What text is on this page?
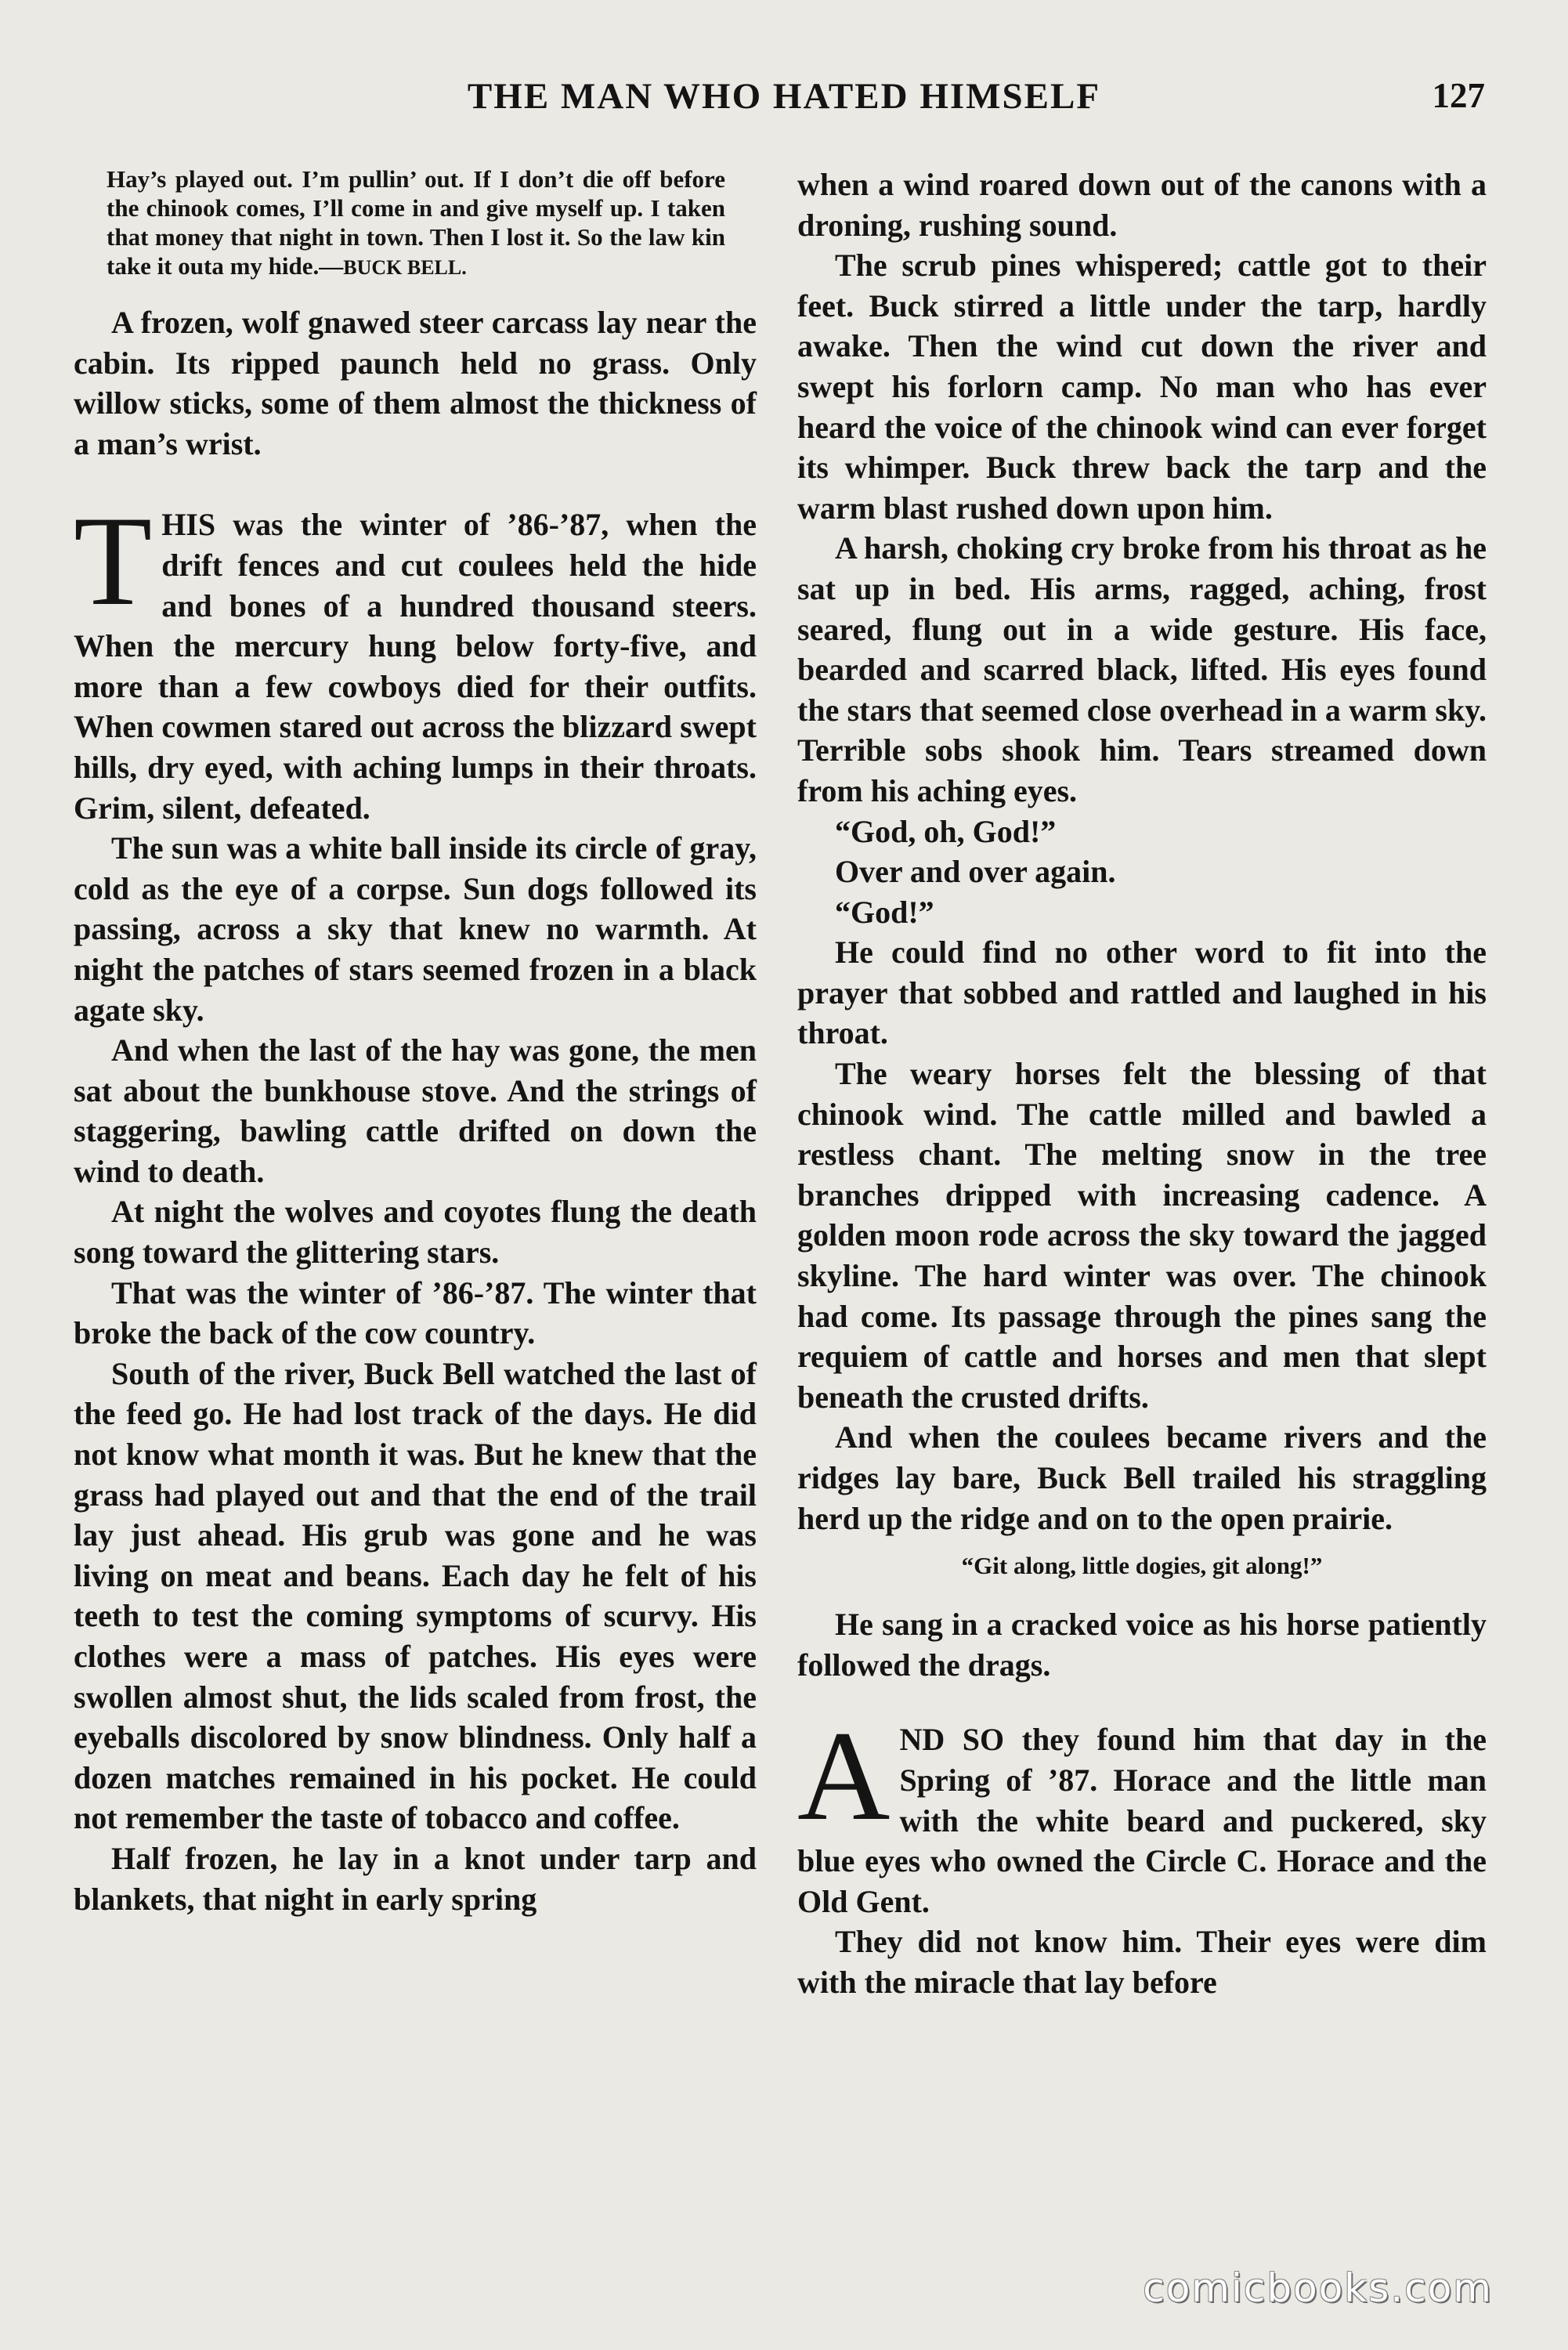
THE MAN WHO HATED HIMSELF	127
Hay’s played out. I’m pullin’ out. If I don’t die off before the chinook comes, I’ll come in and give myself up. I taken that money that night in town. Then I lost it. So the law kin take it outa my hide.—BUCK BELL.

A frozen, wolf gnawed steer carcass lay near the cabin. Its ripped paunch held no grass. Only willow sticks, some of them almost the thickness of a man’s wrist.

THIS was the winter of ’86-’87, when the drift fences and cut coulees held the hide and bones of a hundred thousand steers. When the mercury hung below forty-five, and more than a few cowboys died for their outfits. When cowmen stared out across the blizzard swept hills, dry eyed, with aching lumps in their throats. Grim, silent, defeated.

The sun was a white ball inside its circle of gray, cold as the eye of a corpse. Sun dogs followed its passing, across a sky that knew no warmth. At night the patches of stars seemed frozen in a black agate sky.

And when the last of the hay was gone, the men sat about the bunkhouse stove. And the strings of staggering, bawling cattle drifted on down the wind to death.

At night the wolves and coyotes flung the death song toward the glittering stars.

That was the winter of ’86-’87. The winter that broke the back of the cow country.

South of the river, Buck Bell watched the last of the feed go. He had lost track of the days. He did not know what month it was. But he knew that the grass had played out and that the end of the trail lay just ahead. His grub was gone and he was living on meat and beans. Each day he felt of his teeth to test the coming symptoms of scurvy. His clothes were a mass of patches. His eyes were swollen almost shut, the lids scaled from frost, the eyeballs discolored by snow blindness. Only half a dozen matches remained in his pocket. He could not remember the taste of tobacco and coffee.

Half frozen, he lay in a knot under tarp and blankets, that night in early spring

when a wind roared down out of the canons with a droning, rushing sound.

The scrub pines whispered; cattle got to their feet. Buck stirred a little under the tarp, hardly awake. Then the wind cut down the river and swept his forlorn camp. No man who has ever heard the voice of the chinook wind can ever forget its whimper. Buck threw back the tarp and the warm blast rushed down upon him.

A harsh, choking cry broke from his throat as he sat up in bed. His arms, ragged, aching, frost seared, flung out in a wide gesture. His face, bearded and scarred black, lifted. His eyes found the stars that seemed close overhead in a warm sky. Terrible sobs shook him. Tears streamed down from his aching eyes.

“God, oh, God!”

Over and over again.

“God!”

He could find no other word to fit into the prayer that sobbed and rattled and laughed in his throat.

The weary horses felt the blessing of that chinook wind. The cattle milled and bawled a restless chant. The melting snow in the tree branches dripped with increasing cadence. A golden moon rode across the sky toward the jagged skyline. The hard winter was over. The chinook had come. Its passage through the pines sang the requiem of cattle and horses and men that slept beneath the crusted drifts.

And when the coulees became rivers and the ridges lay bare, Buck Bell trailed his straggling herd up the ridge and on to the open prairie.

“Git along, little dogies, git along!”

He sang in a cracked voice as his horse patiently followed the drags.

AND SO they found him that day in the Spring of ’87. Horace and the little man with the white beard and puckered, sky blue eyes who owned the Circle C. Horace and the Old Gent.

They did not know him. Their eyes were dim with the miracle that lay before

comicbooks.com
